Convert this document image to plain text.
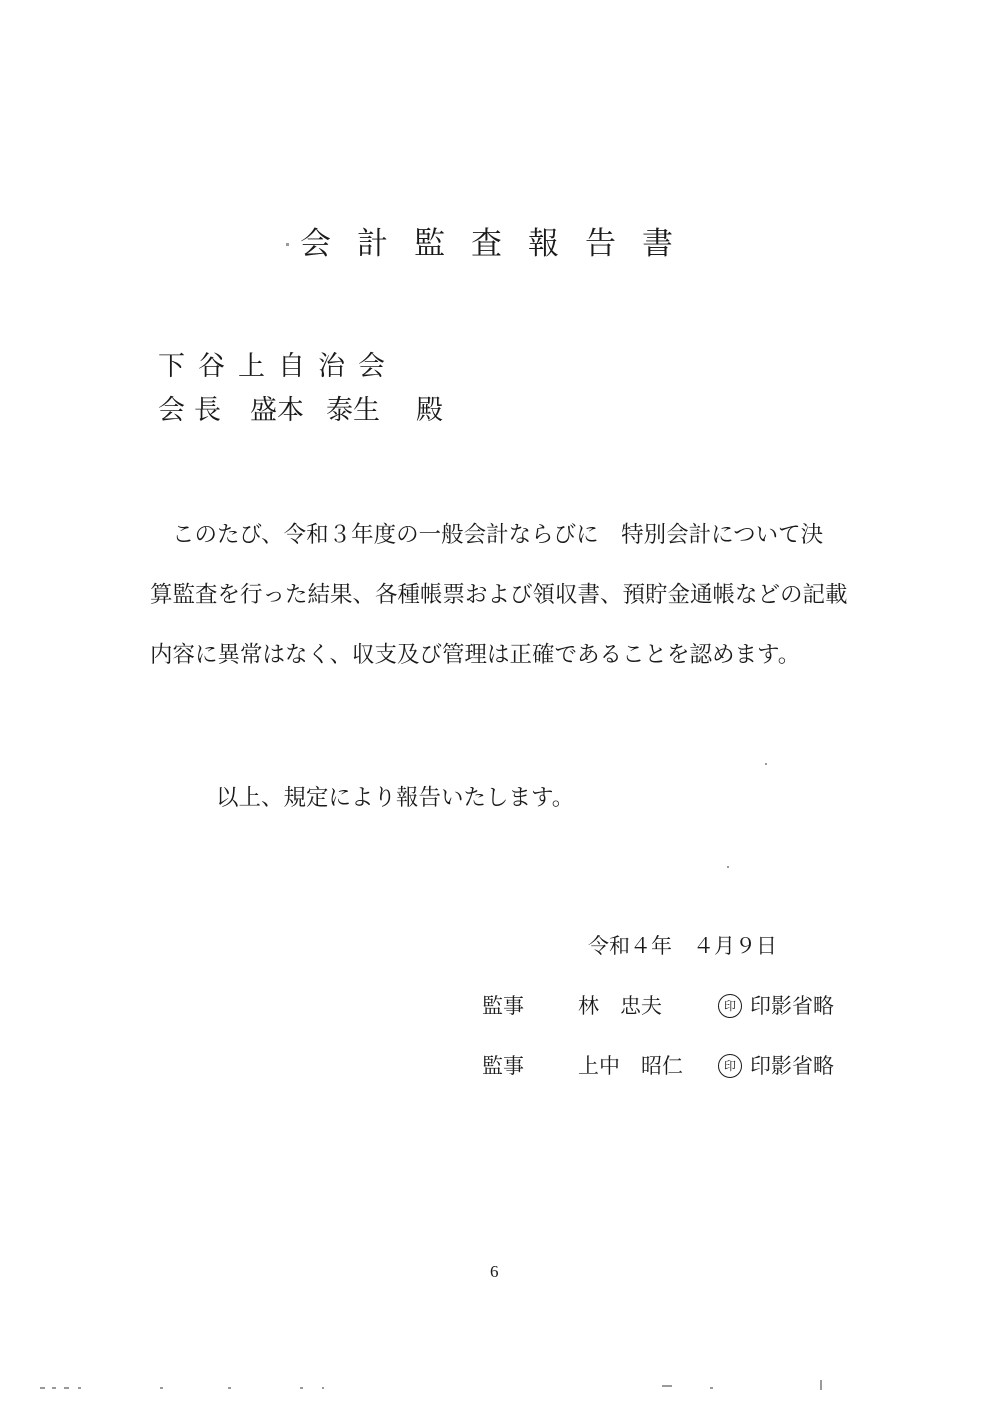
会計監査報告書
下谷上自治会
会長 盛本 泰生 殿
このたび、令和３年度の一般会計ならびに　特別会計について決
算監査を行った結果、各種帳票および領収書、預貯金通帳などの記載
内容に異常はなく、収支及び管理は正確であることを認めます。
以上、規定により報告いたします。
令和４年　４月９日
監事	林　忠夫	印 印影省略
監事	上中　昭仁	印 印影省略
6
